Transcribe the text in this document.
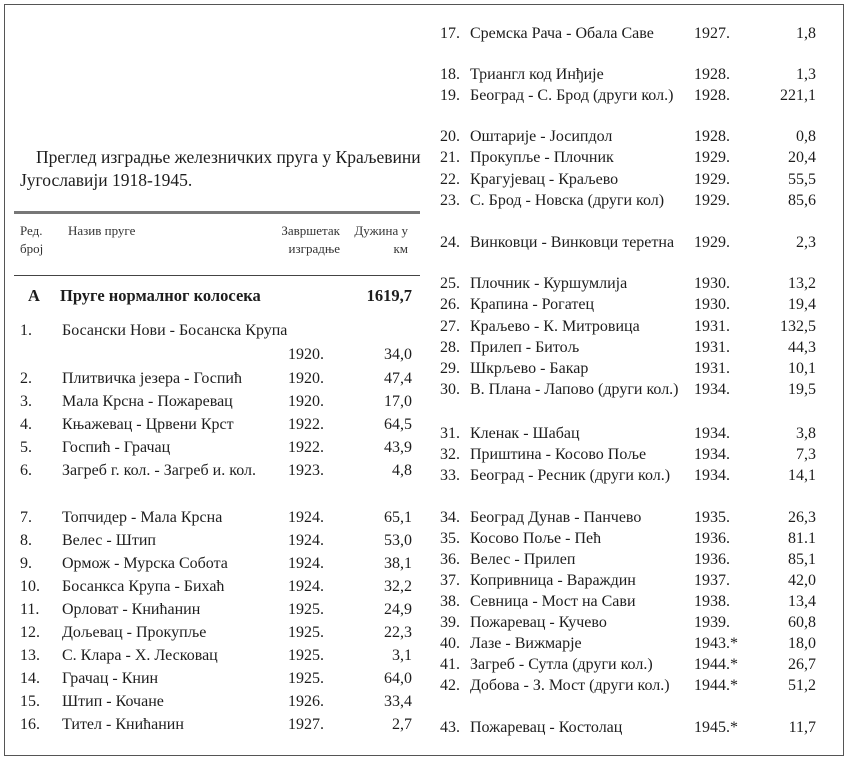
Преглед изградње железничких пруга у Краљевини Југославији 1918-1945.

Ред. број
Назив пруге	Завршетак изградње
Дужина у км
A Пруге нормалног колосека	1619,7
1.	Босански Нови - Босанска Крупа
1920.	34,0
2.	Плитвичка језера - Госпић	1920.	47,4
3.	Мала Крсна - Пожаревац	1920.	17,0
4.	Књажевац - Црвени Крст	1922.	64,5
5.	Госпић - Грачац	1922.	43,9
6.	Загреб г. кол. - Загреб и. кол.	1923.	4,8
7.	Топчидер - Мала Крсна	1924.	65,1
8.	Велес - Штип	1924.	53,0
9.	Ормож - Мурска Собота	1924.	38,1
10.	Босанкса Крупа - Бихаћ	1924.	32,2
11.	Орловат - Книћанин	1925.	24,9
12.	Дољевац - Прокупље	1925.	22,3
13.	С. Клара - Х. Лесковац	1925.	3,1
14.	Грачац - Книн	1925.	64,0
15.	Штип - Кочане	1926.	33,4
16.	Тител - Книћанин	1927.	2,7
17. Сремска Рача - Обала Саве	1927.	1,8
18. Триангл код Инђије	1928.	1,3
19. Београд - С. Брод (други кол.)	1928.	221,1
20. Оштарије - Јосипдол	1928.	0,8
21. Прокупље - Плочник	1929.	20,4
22. Крагујевац - Краљево	1929.	55,5
23. С. Брод - Новска (други кол)	1929.	85,6
24. Винковци - Винковци теретна	1929.	2,3
25. Плочник - Куршумлија	1930.	13,2
26. Крапина - Рогатец	1930.	19,4
27. Краљево - К. Митровица	1931.	132,5
28. Прилеп - Битољ	1931.	44,3
29. Шкрљево - Бакар	1931.	10,1
30. В. Плана - Лапово (други кол.) 1934.	19,5
31. Кленак - Шабац	1934.	3,8
32. Приштина - Косово Поље	1934.	7,3
33. Београд - Ресник (други кол.)	1934.	14,1
34. Београд Дунав - Панчево	1935.	26,3
35. Косово Поље - Пећ	1936.	81.1
36. Велес - Прилеп	1936.	85,1
37. Копривница - Вараждин	1937.	42,0
38. Севница - Мост на Сави	1938.	13,4
39. Пожаревац - Кучево	1939.	60,8
40. Лазе - Вижмарје	1943.*	18,0
41. Загреб - Сутла (други кол.)	1944.*	26,7
42. Добова - З. Мост (други кол.)	1944.*	51,2
43. Пожаревац - Костолац	1945.*	11,7
